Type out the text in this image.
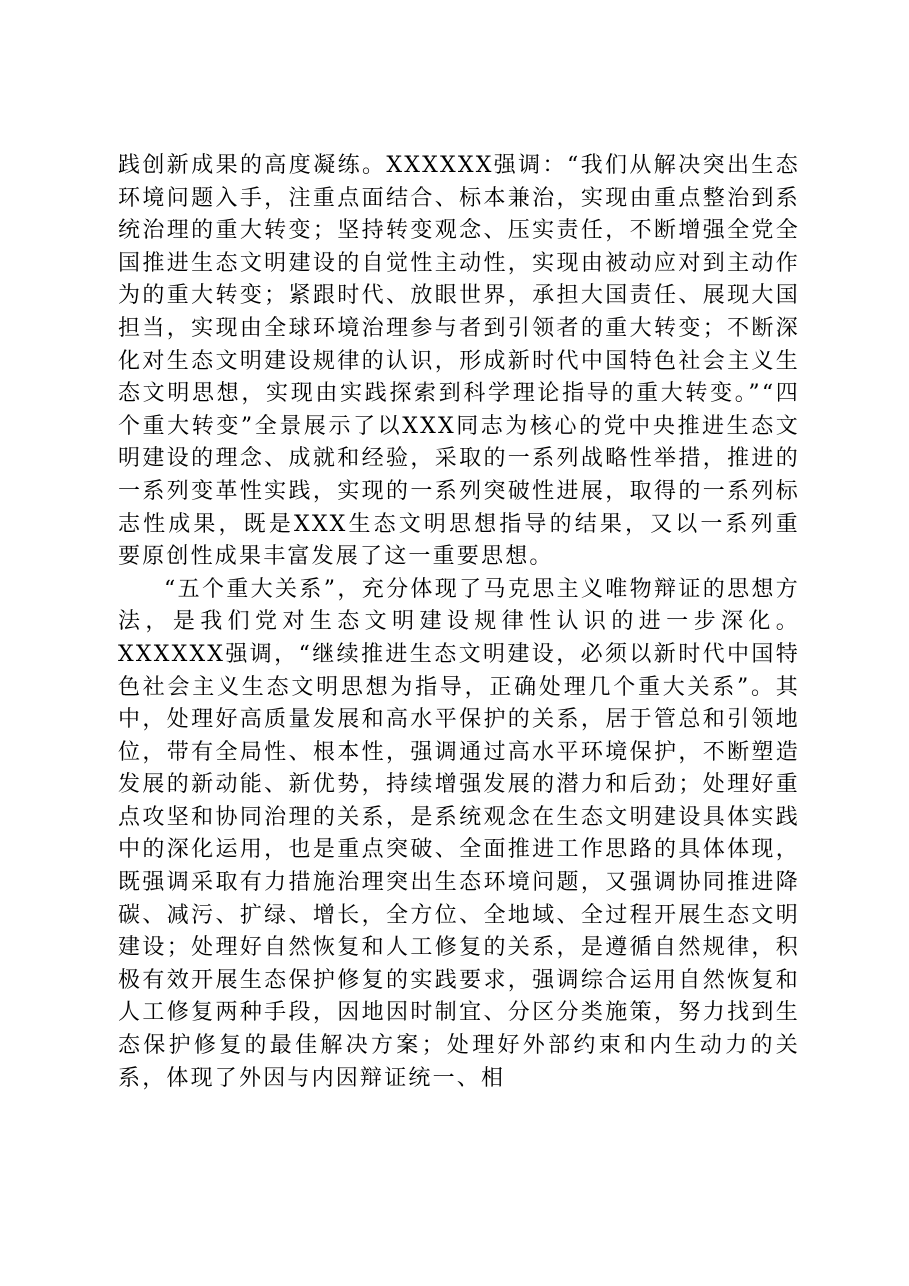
践创新成果的高度凝练。XXXXXX强调：“我们从解决突出生态环境问题入手，注重点面结合、标本兼治，实现由重点整治到系统治理的重大转变；坚持转变观念、压实责任，不断增强全党全国推进生态文明建设的自觉性主动性，实现由被动应对到主动作为的重大转变；紧跟时代、放眼世界，承担大国责任、展现大国担当，实现由全球环境治理参与者到引领者的重大转变；不断深化对生态文明建设规律的认识，形成新时代中国特色社会主义生态文明思想，实现由实践探索到科学理论指导的重大转变。”“四个重大转变”全景展示了以XXX同志为核心的党中央推进生态文明建设的理念、成就和经验，采取的一系列战略性举措，推进的一系列变革性实践，实现的一系列突破性进展，取得的一系列标志性成果，既是XXX生态文明思想指导的结果，又以一系列重要原创性成果丰富发展了这一重要思想。

“五个重大关系”，充分体现了马克思主义唯物辩证的思想方法，是我们党对生态文明建设规律性认识的进一步深化。XXXXXX强调，“继续推进生态文明建设，必须以新时代中国特色社会主义生态文明思想为指导，正确处理几个重大关系”。其中，处理好高质量发展和高水平保护的关系，居于管总和引领地位，带有全局性、根本性，强调通过高水平环境保护，不断塑造发展的新动能、新优势，持续增强发展的潜力和后劲；处理好重点攻坚和协同治理的关系，是系统观念在生态文明建设具体实践中的深化运用，也是重点突破、全面推进工作思路的具体体现，既强调采取有力措施治理突出生态环境问题，又强调协同推进降碳、减污、扩绿、增长，全方位、全地域、全过程开展生态文明建设；处理好自然恢复和人工修复的关系，是遵循自然规律，积极有效开展生态保护修复的实践要求，强调综合运用自然恢复和人工修复两种手段，因地因时制宜、分区分类施策，努力找到生态保护修复的最佳解决方案；处理好外部约束和内生动力的关系，体现了外因与内因辩证统一、相
